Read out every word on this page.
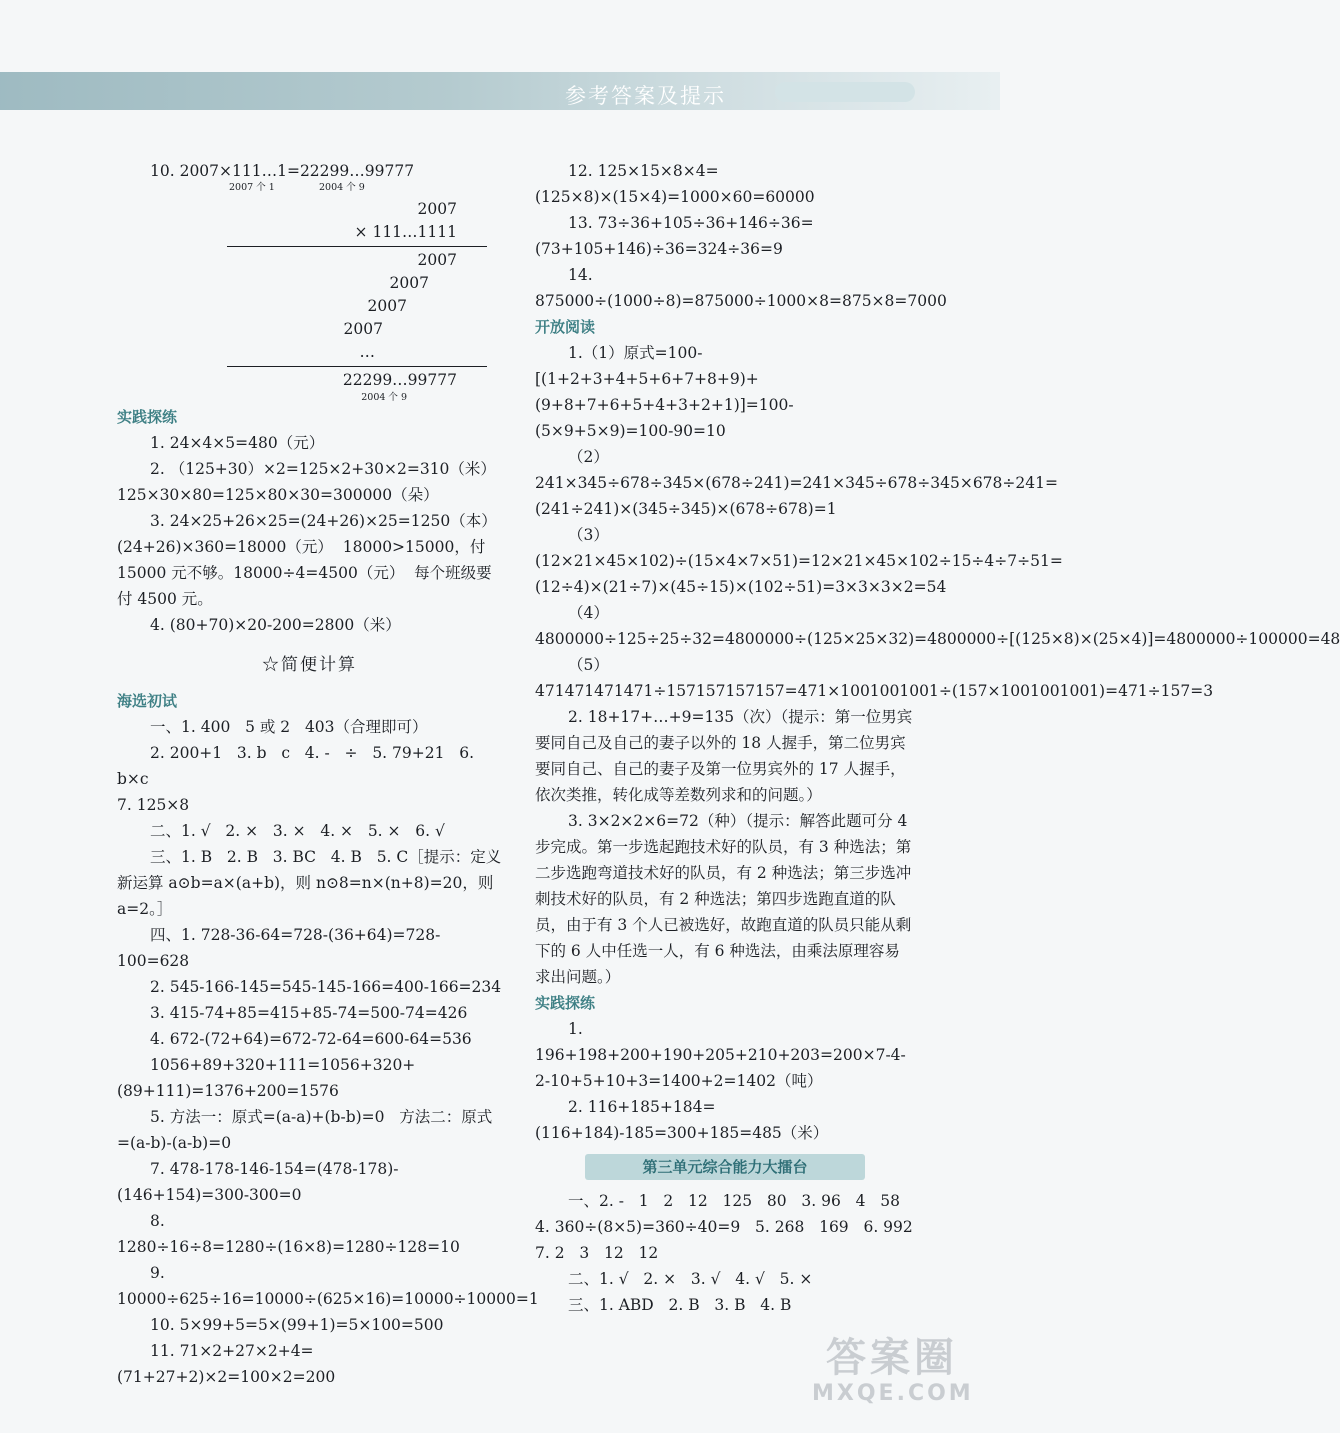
参考答案及提示

10. 2007×111…1=22299…99777

2007 个 1	2004 个 9

2007

× 111…1111

2007

2007

2007

2007

…

22299…99777

2004 个 9

实践探练

1. 24×4×5=480（元）

2. （125+30）×2=125×2+30×2=310（米）

125×30×80=125×80×30=300000（朵）

3. 24×25+26×25=(24+26)×25=1250（本）

(24+26)×360=18000（元）  18000>15000，付15000 元不够。18000÷4=4500（元）  每个班级要付 4500 元。

4. (80+70)×20-200=2800（米）

☆简便计算

海选初试

一、1. 400   5 或 2   403（合理即可）

2. 200+1   3. b   c   4. -   ÷   5. 79+21   6. b×c

7. 125×8

二、1. √   2. ×   3. ×   4. ×   5. ×   6. √

三、1. B   2. B   3. BC   4. B   5. C［提示：定义新运算 a⊙b=a×(a+b)，则 n⊙8=n×(n+8)=20，则 a=2。］

四、1. 728-36-64=728-(36+64)=728-100=628

2. 545-166-145=545-145-166=400-166=234

3. 415-74+85=415+85-74=500-74=426

4. 672-(72+64)=672-72-64=600-64=536

1056+89+320+111=1056+320+(89+111)=1376+200=1576

5. 方法一：原式=(a-a)+(b-b)=0   方法二：原式=(a-b)-(a-b)=0

7. 478-178-146-154=(478-178)-(146+154)=300-300=0

8. 1280÷16÷8=1280÷(16×8)=1280÷128=10

9. 10000÷625÷16=10000÷(625×16)=10000÷10000=1

10. 5×99+5=5×(99+1)=5×100=500

11. 71×2+27×2+4=(71+27+2)×2=100×2=200

12. 125×15×8×4=(125×8)×(15×4)=1000×60=60000

13. 73÷36+105÷36+146÷36=(73+105+146)÷36=324÷36=9

14. 875000÷(1000÷8)=875000÷1000×8=875×8=7000

开放阅读

1.（1）原式=100-[(1+2+3+4+5+6+7+8+9)+(9+8+7+6+5+4+3+2+1)]=100-(5×9+5×9)=100-90=10

（2）241×345÷678÷345×(678÷241)=241×345÷678÷345×678÷241=(241÷241)×(345÷345)×(678÷678)=1

（3）(12×21×45×102)÷(15×4×7×51)=12×21×45×102÷15÷4÷7÷51=(12÷4)×(21÷7)×(45÷15)×(102÷51)=3×3×3×2=54

（4）4800000÷125÷25÷32=4800000÷(125×25×32)=4800000÷[(125×8)×(25×4)]=4800000÷100000=48

（5）471471471471÷157157157157=471×1001001001÷(157×1001001001)=471÷157=3

2. 18+17+…+9=135（次）（提示：第一位男宾要同自己及自己的妻子以外的 18 人握手，第二位男宾要同自己、自己的妻子及第一位男宾外的 17 人握手，依次类推，转化成等差数列求和的问题。）

3. 3×2×2×6=72（种）（提示：解答此题可分 4 步完成。第一步选起跑技术好的队员，有 3 种选法；第二步选跑弯道技术好的队员，有 2 种选法；第三步选冲刺技术好的队员，有 2 种选法；第四步选跑直道的队员，由于有 3 个人已被选好，故跑直道的队员只能从剩下的 6 人中任选一人，有 6 种选法，由乘法原理容易求出问题。）

实践探练

1. 196+198+200+190+205+210+203=200×7-4-2-10+5+10+3=1400+2=1402（吨）

2. 116+185+184=(116+184)-185=300+185=485（米）

第三单元综合能力大擂台

一、2. -   1   2   12   125   80   3. 96   4   58

4. 360÷(8×5)=360÷40=9   5. 268   169   6. 992

7. 2   3   12   12

二、1. √   2. ×   3. √   4. √   5. ×

三、1. ABD   2. B   3. B   4. B

答案圈
MXQE.COM
